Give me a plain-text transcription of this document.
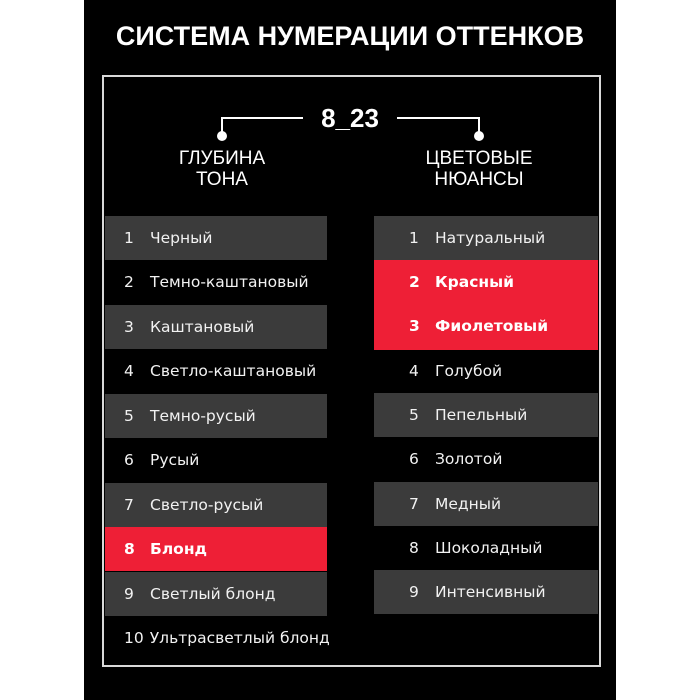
СИСТЕМА НУМЕРАЦИИ ОТТЕНКОВ
8_23
ГЛУБИНА
ТОНА
ЦВЕТОВЫЕ
НЮАНСЫ
1	Черный
2	Темно-каштановый
3	Каштановый
4	Светло-каштановый
5	Темно-русый
6	Русый
7	Светло-русый
8 Блонд
9	Светлый блонд
10 Ультрасветлый блонд
1	Натуральный
2 Красный
3 Фиолетовый
4	Голубой
5	Пепельный
6	Золотой
7	Медный
8	Шоколадный
9	Интенсивный
